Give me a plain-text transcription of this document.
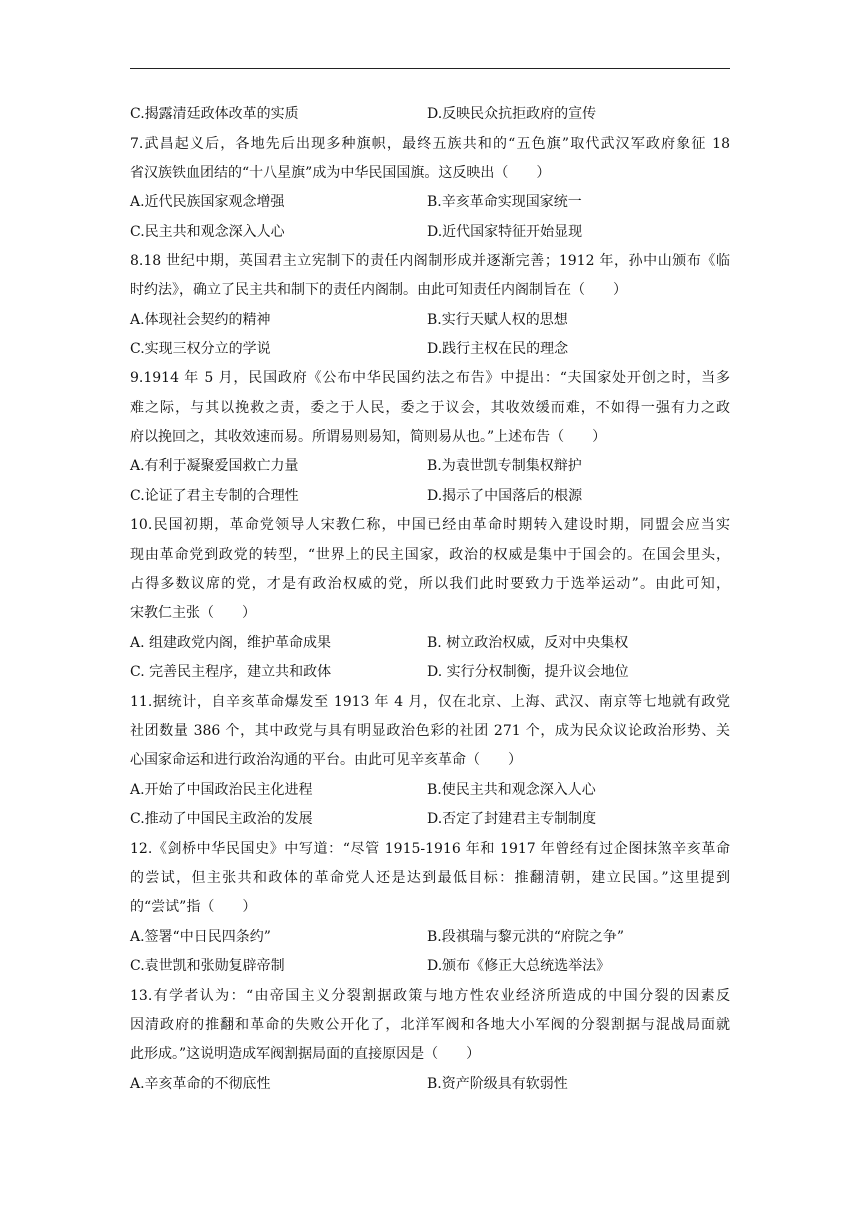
C.揭露清廷政体改革的实质	D.反映民众抗拒政府的宣传
7.武昌起义后，各地先后出现多种旗帜，最终五族共和的“五色旗”取代武汉军政府象征 18
省汉族铁血团结的“十八星旗”成为中华民国国旗。这反映出（　　）
A.近代民族国家观念增强	B.辛亥革命实现国家统一
C.民主共和观念深入人心	D.近代国家特征开始显现
8.18 世纪中期，英国君主立宪制下的责任内阁制形成并逐渐完善；1912 年，孙中山颁布《临
时约法》，确立了民主共和制下的责任内阁制。由此可知责任内阁制旨在（　　）
A.体现社会契约的精神	B.实行天赋人权的思想
C.实现三权分立的学说	D.践行主权在民的理念
9.1914 年 5 月，民国政府《公布中华民国约法之布告》中提出：“夫国家处开创之时，当多
难之际，与其以挽救之责，委之于人民，委之于议会，其收效缓而难，不如得一强有力之政
府以挽回之，其收效速而易。所谓易则易知，简则易从也。”上述布告（　　）
A.有利于凝聚爱国救亡力量	B.为袁世凯专制集权辩护
C.论证了君主专制的合理性	D.揭示了中国落后的根源
10.民国初期，革命党领导人宋教仁称，中国已经由革命时期转入建设时期，同盟会应当实
现由革命党到政党的转型，“世界上的民主国家，政治的权威是集中于国会的。在国会里头，
占得多数议席的党，才是有政治权威的党，所以我们此时要致力于选举运动”。由此可知，
宋教仁主张（　　）
A. 组建政党内阁，维护革命成果	B. 树立政治权威，反对中央集权
C. 完善民主程序，建立共和政体	D. 实行分权制衡，提升议会地位
11.据统计，自辛亥革命爆发至 1913 年 4 月，仅在北京、上海、武汉、南京等七地就有政党
社团数量 386 个，其中政党与具有明显政治色彩的社团 271 个，成为民众议论政治形势、关
心国家命运和进行政治沟通的平台。由此可见辛亥革命（　　）
A.开始了中国政治民主化进程	B.使民主共和观念深入人心
C.推动了中国民主政治的发展	D.否定了封建君主专制制度
12.《剑桥中华民国史》中写道：“尽管 1915-1916 年和 1917 年曾经有过企图抹煞辛亥革命
的尝试，但主张共和政体的革命党人还是达到最低目标：推翻清朝，建立民国。”这里提到
的“尝试”指（　　）
A.签署“中日民四条约”	B.段祺瑞与黎元洪的“府院之争”
C.袁世凯和张勋复辟帝制	D.颁布《修正大总统选举法》
13.有学者认为：“由帝国主义分裂割据政策与地方性农业经济所造成的中国分裂的因素反
因清政府的推翻和革命的失败公开化了，北洋军阀和各地大小军阀的分裂割据与混战局面就
此形成。”这说明造成军阀割据局面的直接原因是（　　）
A.辛亥革命的不彻底性	B.资产阶级具有软弱性
